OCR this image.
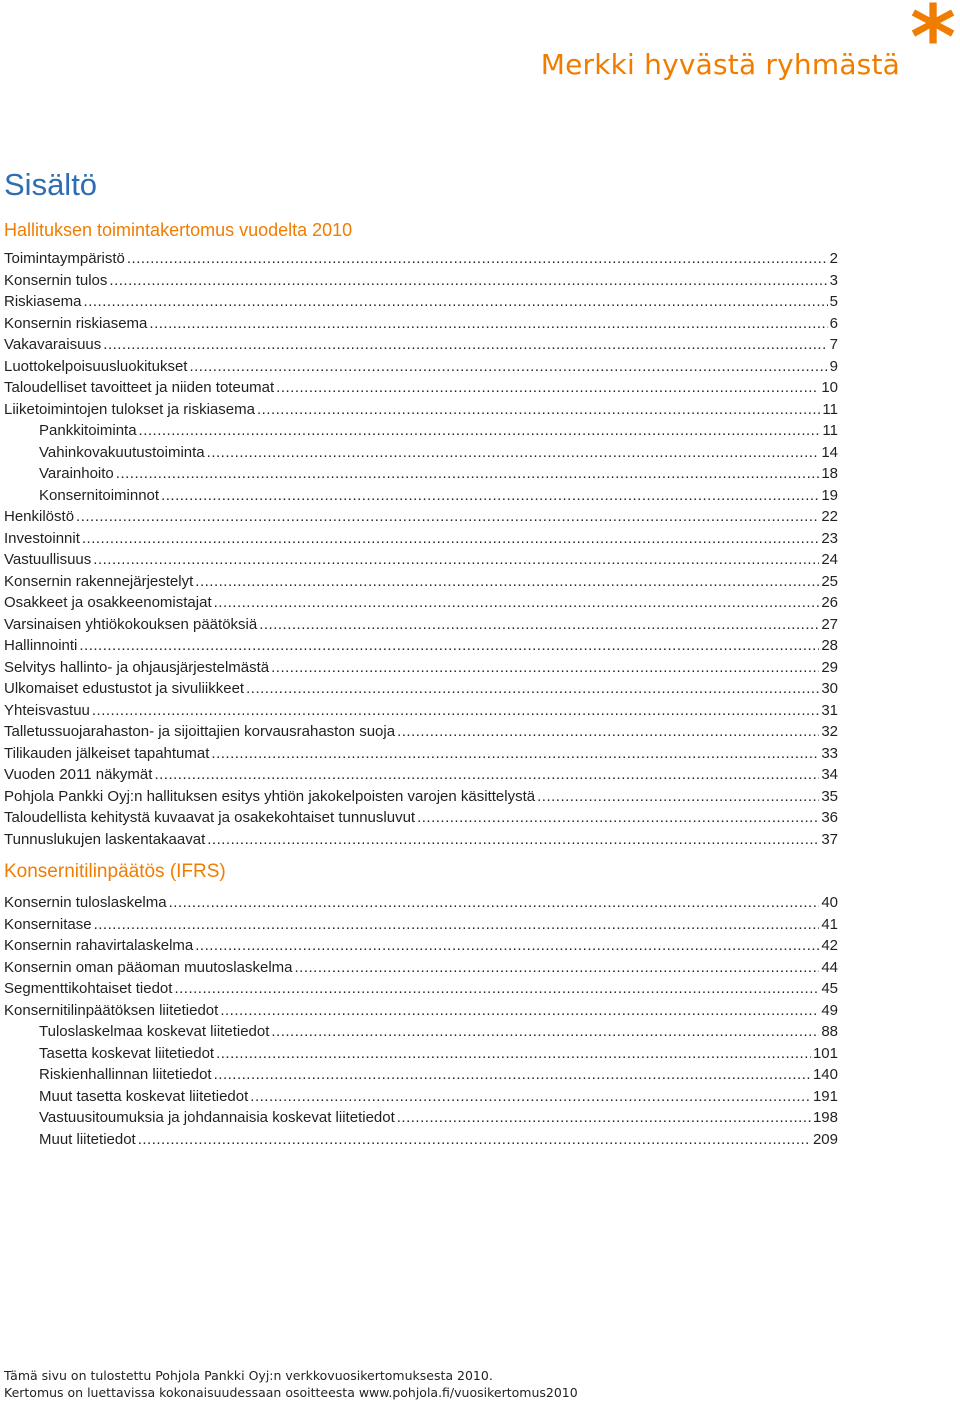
Merkki hyvästä ryhmästä *
Sisältö
Hallituksen toimintakertomus vuodelta 2010
Toimintaympäristö .....	2
Konsernin tulos .....	3
Riskiasema .....	5
Konsernin riskiasema .....	6
Vakavaraisuus .....	7
Luottokelpoisuusluokitukset .....	9
Taloudelliset tavoitteet ja niiden toteumat .....	10
Liiketoimintojen tulokset ja riskiasema .....	11
Pankkitoiminta .....	11
Vahinkovakuutustoiminta .....	14
Varainhoito .....	18
Konsernitoiminnot .....	19
Henkilöstö .....	22
Investoinnit .....	23
Vastuullisuus .....	24
Konsernin rakennejärjestelyt .....	25
Osakkeet ja osakkeenomistajat .....	26
Varsinaisen yhtiökokouksen päätöksiä .....	27
Hallinnointi .....	28
Selvitys hallinto- ja ohjausjärjestelmästä .....	29
Ulkomaiset edustustot ja sivuliikkeet .....	30
Yhteisvastuu .....	31
Talletussuojarahaston- ja sijoittajien korvausrahaston suoja .....	32
Tilikauden jälkeiset tapahtumat .....	33
Vuoden 2011 näkymät .....	34
Pohjola Pankki Oyj:n hallituksen esitys yhtiön jakokelpoisten varojen käsittelystä .....	35
Taloudellista kehitystä kuvaavat ja osakekohtaiset tunnusluvut .....	36
Tunnuslukujen laskentakaavat .....	37
Konsernitilinpäätös (IFRS)
Konsernin tuloslaskelma .....	40
Konsernitase .....	41
Konsernin rahavirtalaskelma .....	42
Konsernin oman pääoman muutoslaskelma .....	44
Segmenttikohtaiset tiedot .....	45
Konsernitilinpäätöksen liitetiedot .....	49
Tuloslaskelmaa koskevat liitetiedot .....	88
Tasetta koskevat liitetiedot .....	101
Riskienhallinnan liitetiedot .....	140
Muut tasetta koskevat liitetiedot .....	191
Vastuusitoumuksia ja johdannaisia koskevat liitetiedot .....	198
Muut liitetiedot .....	209
Tämä sivu on tulostettu Pohjola Pankki Oyj:n verkkovuosikertomuksesta 2010.
Kertomus on luettavissa kokonaisuudessaan osoitteesta www.pohjola.fi/vuosikertomus2010
